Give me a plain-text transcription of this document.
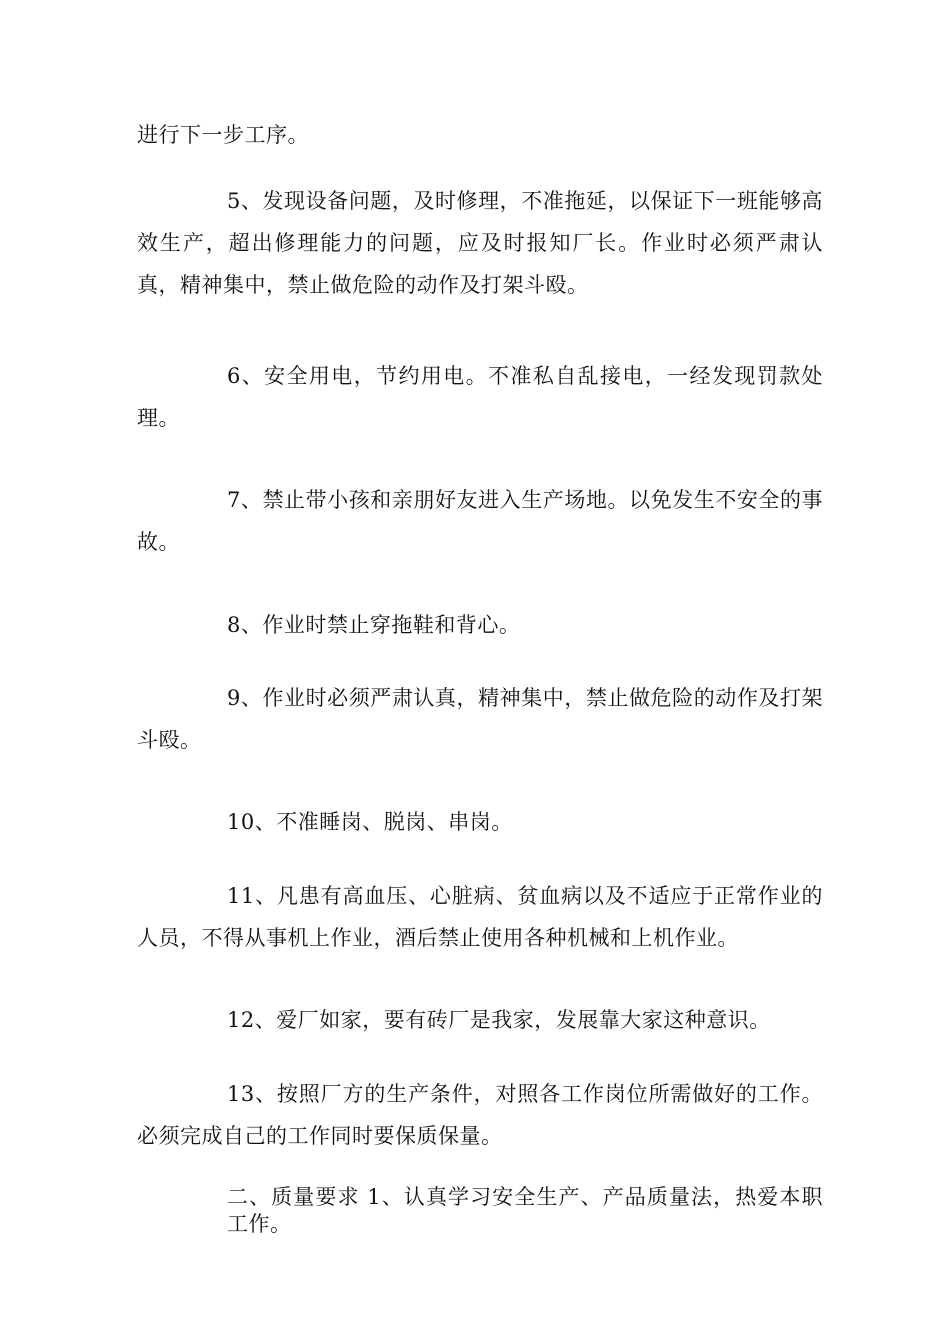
进行下一步工序。

5、发现设备问题，及时修理，不准拖延，以保证下一班能够高效生产，超出修理能力的问题，应及时报知厂长。作业时必须严肃认真，精神集中，禁止做危险的动作及打架斗殴。

6、安全用电，节约用电。不准私自乱接电，一经发现罚款处理。

7、禁止带小孩和亲朋好友进入生产场地。以免发生不安全的事故。

8、作业时禁止穿拖鞋和背心。

9、作业时必须严肃认真，精神集中，禁止做危险的动作及打架斗殴。

10、不准睡岗、脱岗、串岗。

11、凡患有高血压、心脏病、贫血病以及不适应于正常作业的人员，不得从事机上作业，酒后禁止使用各种机械和上机作业。

12、爱厂如家，要有砖厂是我家，发展靠大家这种意识。

13、按照厂方的生产条件，对照各工作岗位所需做好的工作。必须完成自己的工作同时要保质保量。

二、质量要求 1、认真学习安全生产、产品质量法，热爱本职工作。
